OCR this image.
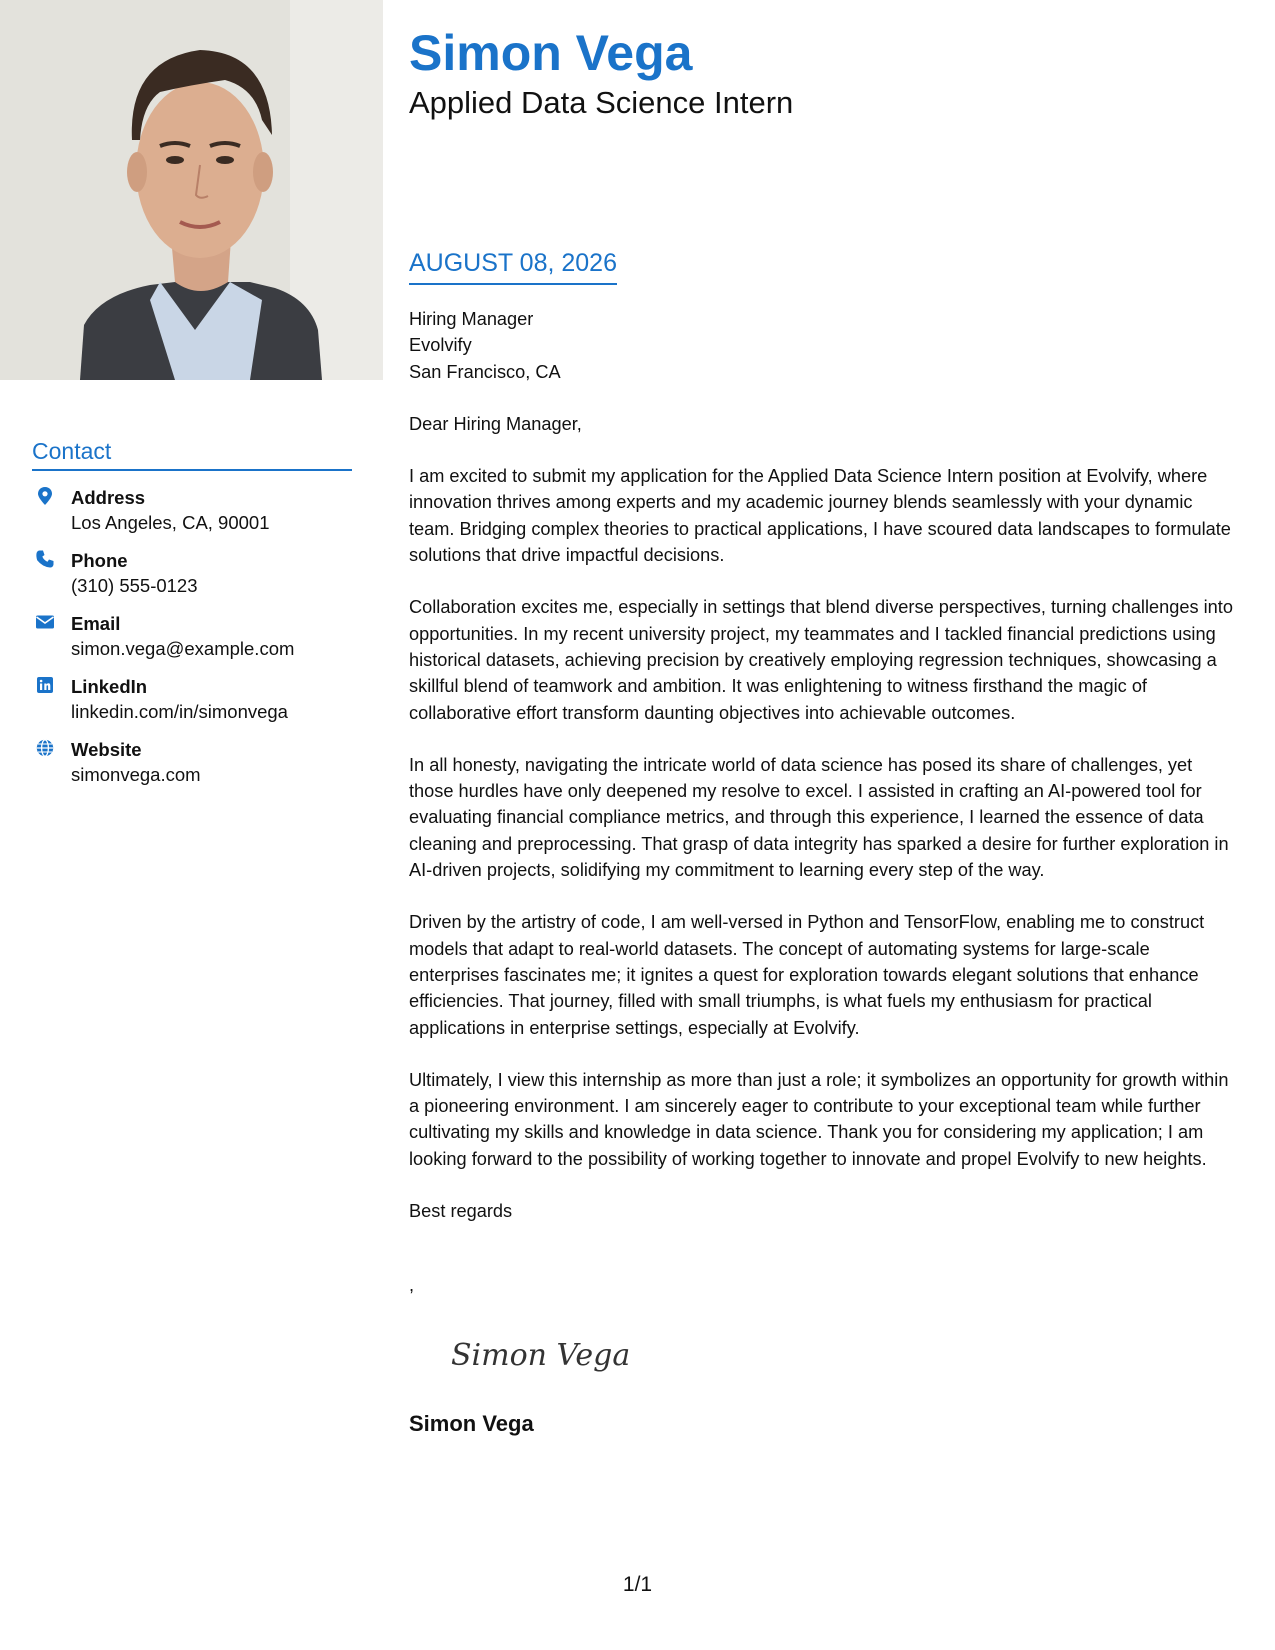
Simon Vega
Applied Data Science Intern
Contact
Address
Los Angeles, CA, 90001
Phone
(310) 555-0123
Email
simon.vega@example.com
LinkedIn
linkedin.com/in/simonvega
Website
simonvega.com
AUGUST 08, 2026
Hiring Manager
Evolvify
San Francisco, CA

Dear Hiring Manager,

I am excited to submit my application for the Applied Data Science Intern position at Evolvify, where innovation thrives among experts and my academic journey blends seamlessly with your dynamic team. Bridging complex theories to practical applications, I have scoured data landscapes to formulate solutions that drive impactful decisions.

Collaboration excites me, especially in settings that blend diverse perspectives, turning challenges into opportunities. In my recent university project, my teammates and I tackled financial predictions using historical datasets, achieving precision by creatively employing regression techniques, showcasing a skillful blend of teamwork and ambition. It was enlightening to witness firsthand the magic of collaborative effort transform daunting objectives into achievable outcomes.

In all honesty, navigating the intricate world of data science has posed its share of challenges, yet those hurdles have only deepened my resolve to excel. I assisted in crafting an AI-powered tool for evaluating financial compliance metrics, and through this experience, I learned the essence of data cleaning and preprocessing. That grasp of data integrity has sparked a desire for further exploration in AI-driven projects, solidifying my commitment to learning every step of the way.

Driven by the artistry of code, I am well-versed in Python and TensorFlow, enabling me to construct models that adapt to real-world datasets. The concept of automating systems for large-scale enterprises fascinates me; it ignites a quest for exploration towards elegant solutions that enhance efficiencies. That journey, filled with small triumphs, is what fuels my enthusiasm for practical applications in enterprise settings, especially at Evolvify.

Ultimately, I view this internship as more than just a role; it symbolizes an opportunity for growth within a pioneering environment. I am sincerely eager to contribute to your exceptional team while further cultivating my skills and knowledge in data science. Thank you for considering my application; I am looking forward to the possibility of working together to innovate and propel Evolvify to new heights.

Best regards
,
Simon Vega
Simon Vega
1/1
